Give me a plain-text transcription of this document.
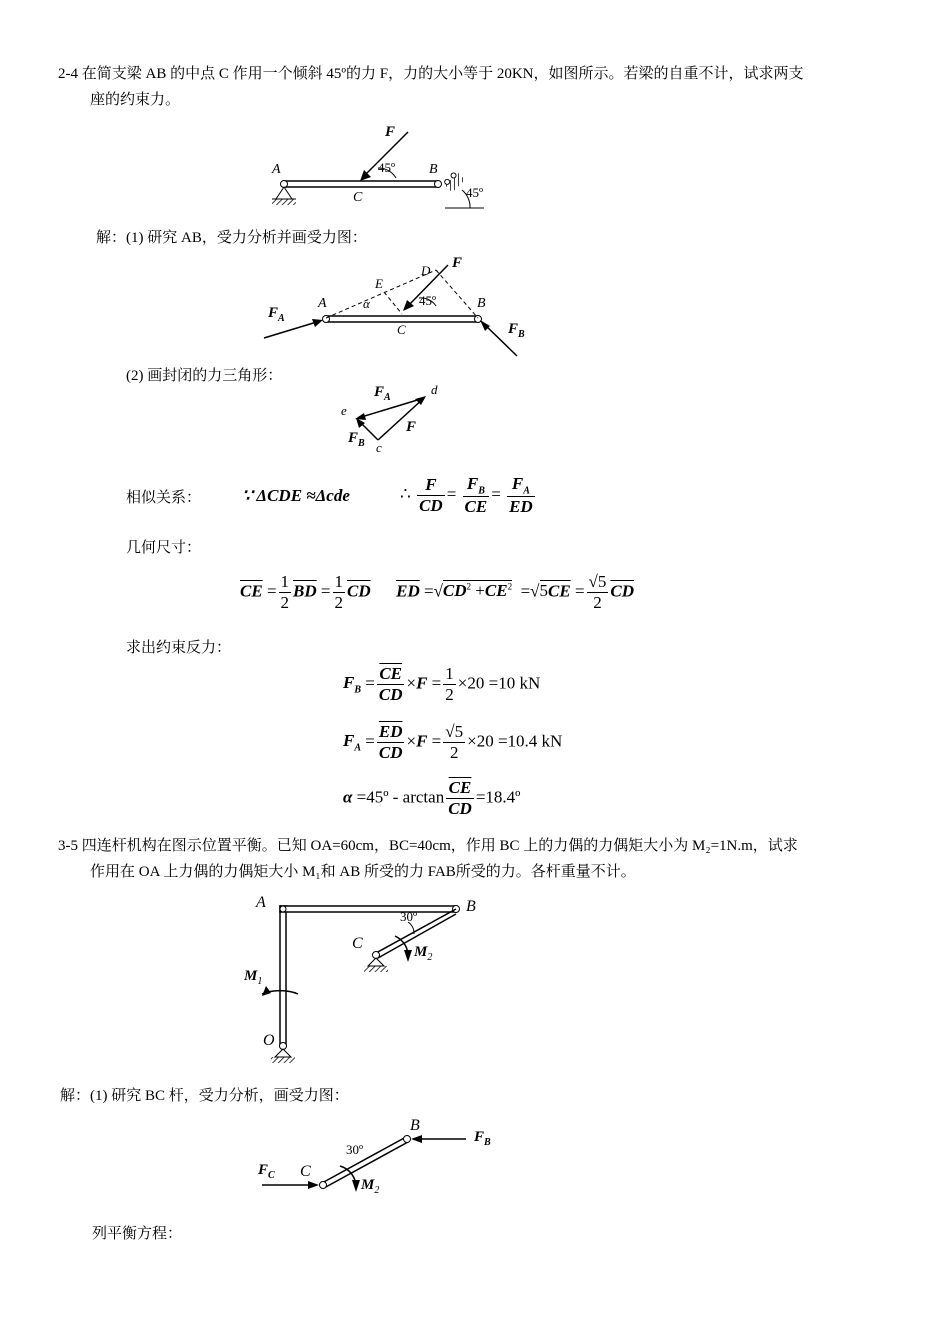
2-4 在简支梁 AB 的中点 C 作用一个倾斜 45º的力 F，力的大小等于 20KN，如图所示。若梁的自重不计，试求两支
座的约束力。
F
A	B
C
45º
45º
解：(1) 研究 AB，受力分析并画受力图：
$F_A$
$F_B$
F
A	B
C
D
E
α	45º
(2) 画封闭的力三角形：
$F_A$
$F_B$
F
d
e
c
相似关系： ∵ ΔCDE ≈Δcde	∴ $\frac{F}{CD} = \frac{F_B}{CE} = \frac{F_A}{ED}$
几何尺寸：
$\overline{CE} = \frac{1}{2} \overline{BD} = \frac{1}{2} \overline{CD}$ $\overline{ED} =√CD^2 +\overline{CE}^2 =√5\overline{CE} = \frac{√5}{2} \overline{CD}$
求出约束反力：
$F_B = \frac{\overline{CE}}{CD} \times F = \frac{1}{2} \times 20 =10$ kN
$F_A = \frac{\overline{ED}}{CD} \times F = \frac{√5}{2} \times 20 =10.4$ kN
α =45º - $\arctan \frac{\overline{CE}}{CD}$ =18.4º
3-5 四连杆机构在图示位置平衡。已知 OA=60cm，BC=40cm，作用 BC 上的力偶的力偶矩大小为 M₂=1N.m，试求
作用在 OA 上力偶的力偶矩大小 M₁和 AB 所受的力 FAB所受的力。各杆重量不计。
A	B
C
O
30º
$M_1$
$M_2$
解：(1) 研究 BC 杆，受力分析，画受力图：
B
C
30º
$F_B$
$F_C$
$M_2$
列平衡方程：
